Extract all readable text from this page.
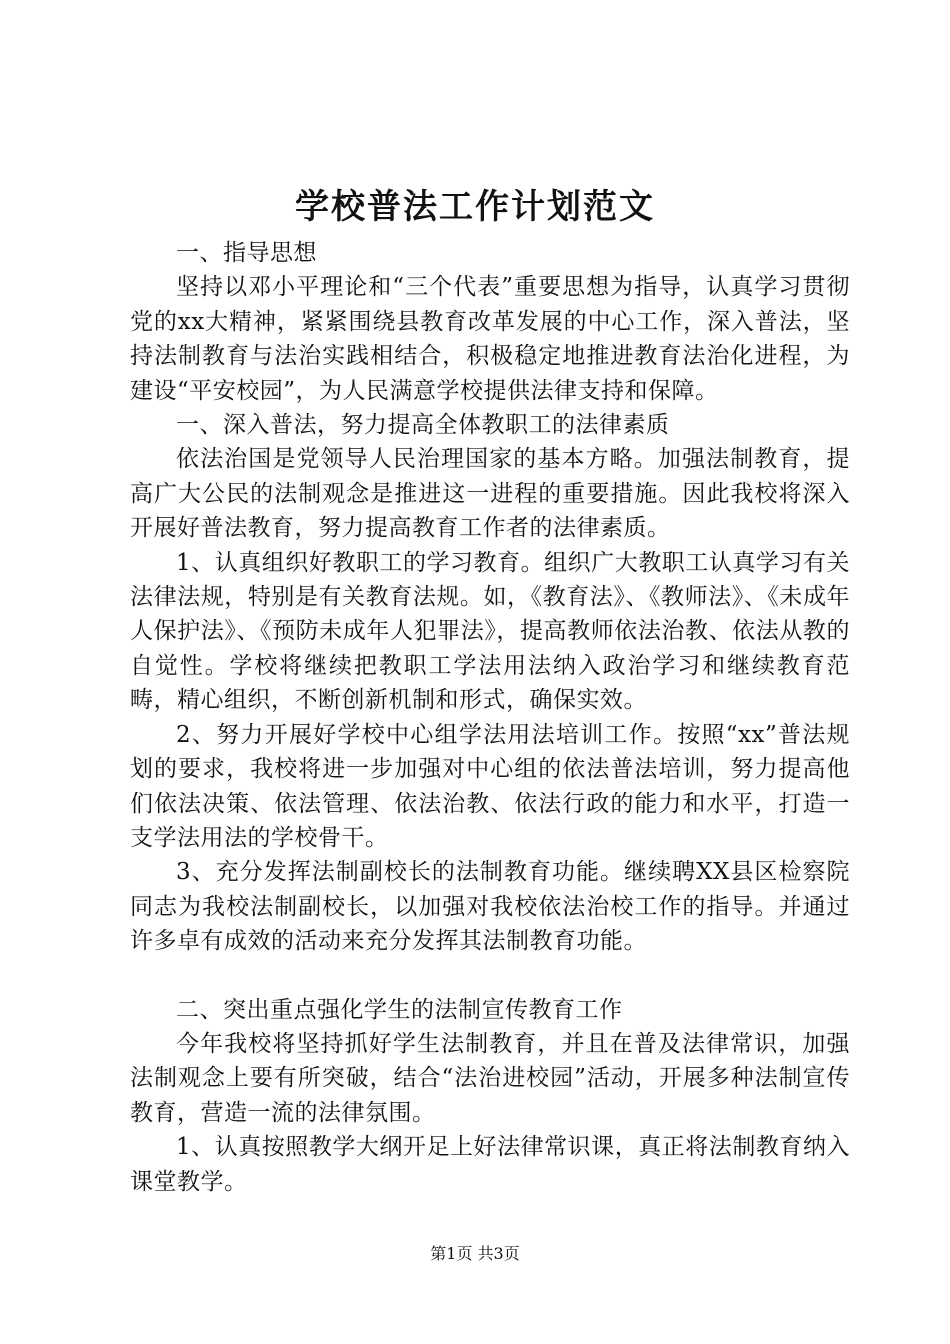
学校普法工作计划范文

一、指导思想

坚持以邓小平理论和“三个代表”重要思想为指导，认真学习贯彻党的xx大精神，紧紧围绕县教育改革发展的中心工作，深入普法，坚持法制教育与法治实践相结合，积极稳定地推进教育法治化进程，为建设“平安校园”，为人民满意学校提供法律支持和保障。

一、深入普法，努力提高全体教职工的法律素质

依法治国是党领导人民治理国家的基本方略。加强法制教育，提高广大公民的法制观念是推进这一进程的重要措施。因此我校将深入开展好普法教育，努力提高教育工作者的法律素质。

1、认真组织好教职工的学习教育。组织广大教职工认真学习有关法律法规，特别是有关教育法规。如，《教育法》、《教师法》、《未成年人保护法》、《预防未成年人犯罪法》，提高教师依法治教、依法从教的自觉性。学校将继续把教职工学法用法纳入政治学习和继续教育范畴，精心组织，不断创新机制和形式，确保实效。

2、努力开展好学校中心组学法用法培训工作。按照“xx”普法规划的要求，我校将进一步加强对中心组的依法普法培训，努力提高他们依法决策、依法管理、依法治教、依法行政的能力和水平，打造一支学法用法的学校骨干。

3、充分发挥法制副校长的法制教育功能。继续聘XX县区检察院同志为我校法制副校长，以加强对我校依法治校工作的指导。并通过许多卓有成效的活动来充分发挥其法制教育功能。

二、突出重点强化学生的法制宣传教育工作

今年我校将坚持抓好学生法制教育，并且在普及法律常识，加强法制观念上要有所突破，结合“法治进校园”活动，开展多种法制宣传教育，营造一流的法律氛围。

1、认真按照教学大纲开足上好法律常识课，真正将法制教育纳入课堂教学。

第1页 共3页
